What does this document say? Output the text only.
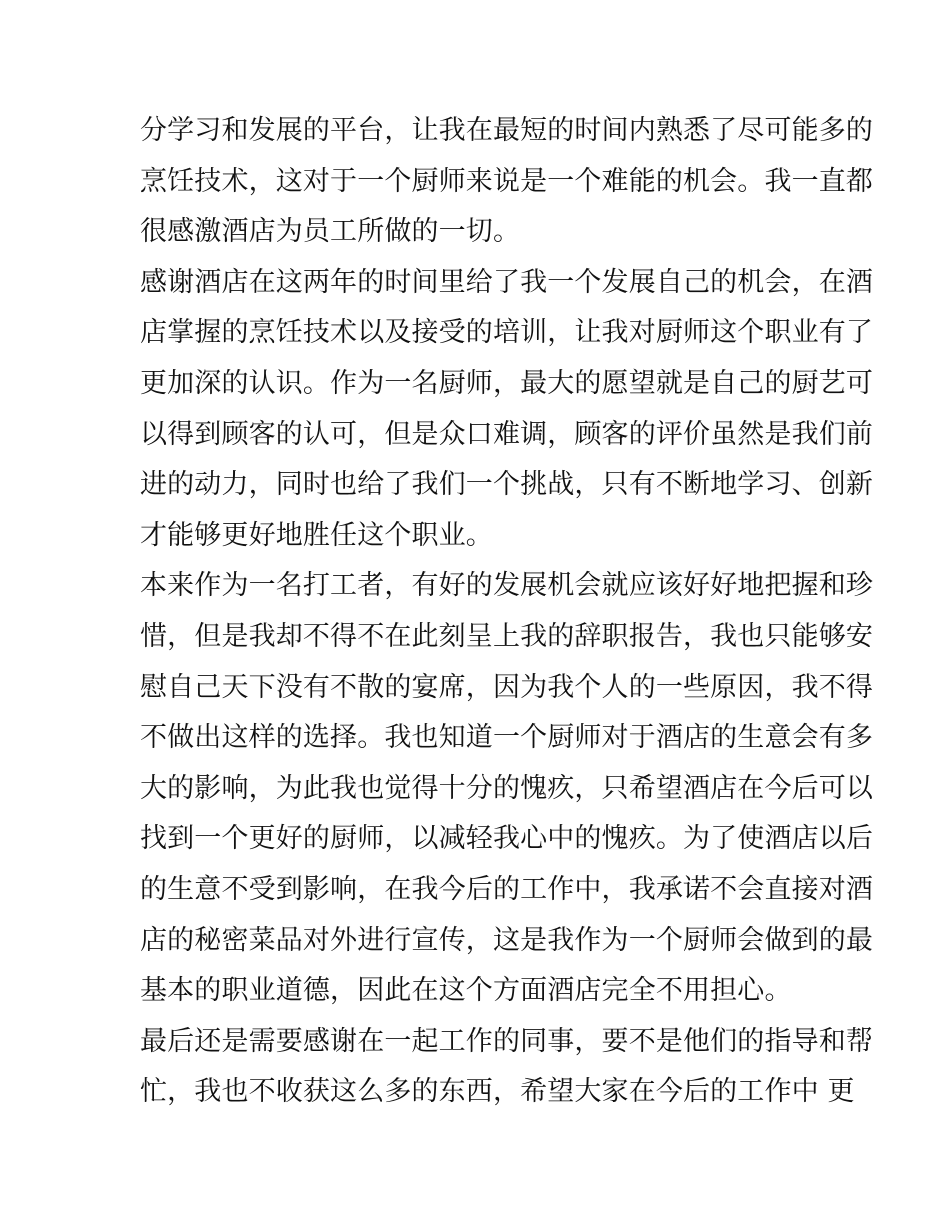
分学习和发展的平台，让我在最短的时间内熟悉了尽可能多的
烹饪技术，这对于一个厨师来说是一个难能的机会。我一直都
很感激酒店为员工所做的一切。
感谢酒店在这两年的时间里给了我一个发展自己的机会，在酒
店掌握的烹饪技术以及接受的培训，让我对厨师这个职业有了
更加深的认识。作为一名厨师，最大的愿望就是自己的厨艺可
以得到顾客的认可，但是众口难调，顾客的评价虽然是我们前
进的动力，同时也给了我们一个挑战，只有不断地学习、创新
才能够更好地胜任这个职业。
本来作为一名打工者，有好的发展机会就应该好好地把握和珍
惜，但是我却不得不在此刻呈上我的辞职报告，我也只能够安
慰自己天下没有不散的宴席，因为我个人的一些原因，我不得
不做出这样的选择。我也知道一个厨师对于酒店的生意会有多
大的影响，为此我也觉得十分的愧疚，只希望酒店在今后可以
找到一个更好的厨师，以减轻我心中的愧疚。为了使酒店以后
的生意不受到影响，在我今后的工作中，我承诺不会直接对酒
店的秘密菜品对外进行宣传，这是我作为一个厨师会做到的最
基本的职业道德，因此在这个方面酒店完全不用担心。
最后还是需要感谢在一起工作的同事，要不是他们的指导和帮
忙，我也不收获这么多的东西，希望大家在今后的工作中 更
